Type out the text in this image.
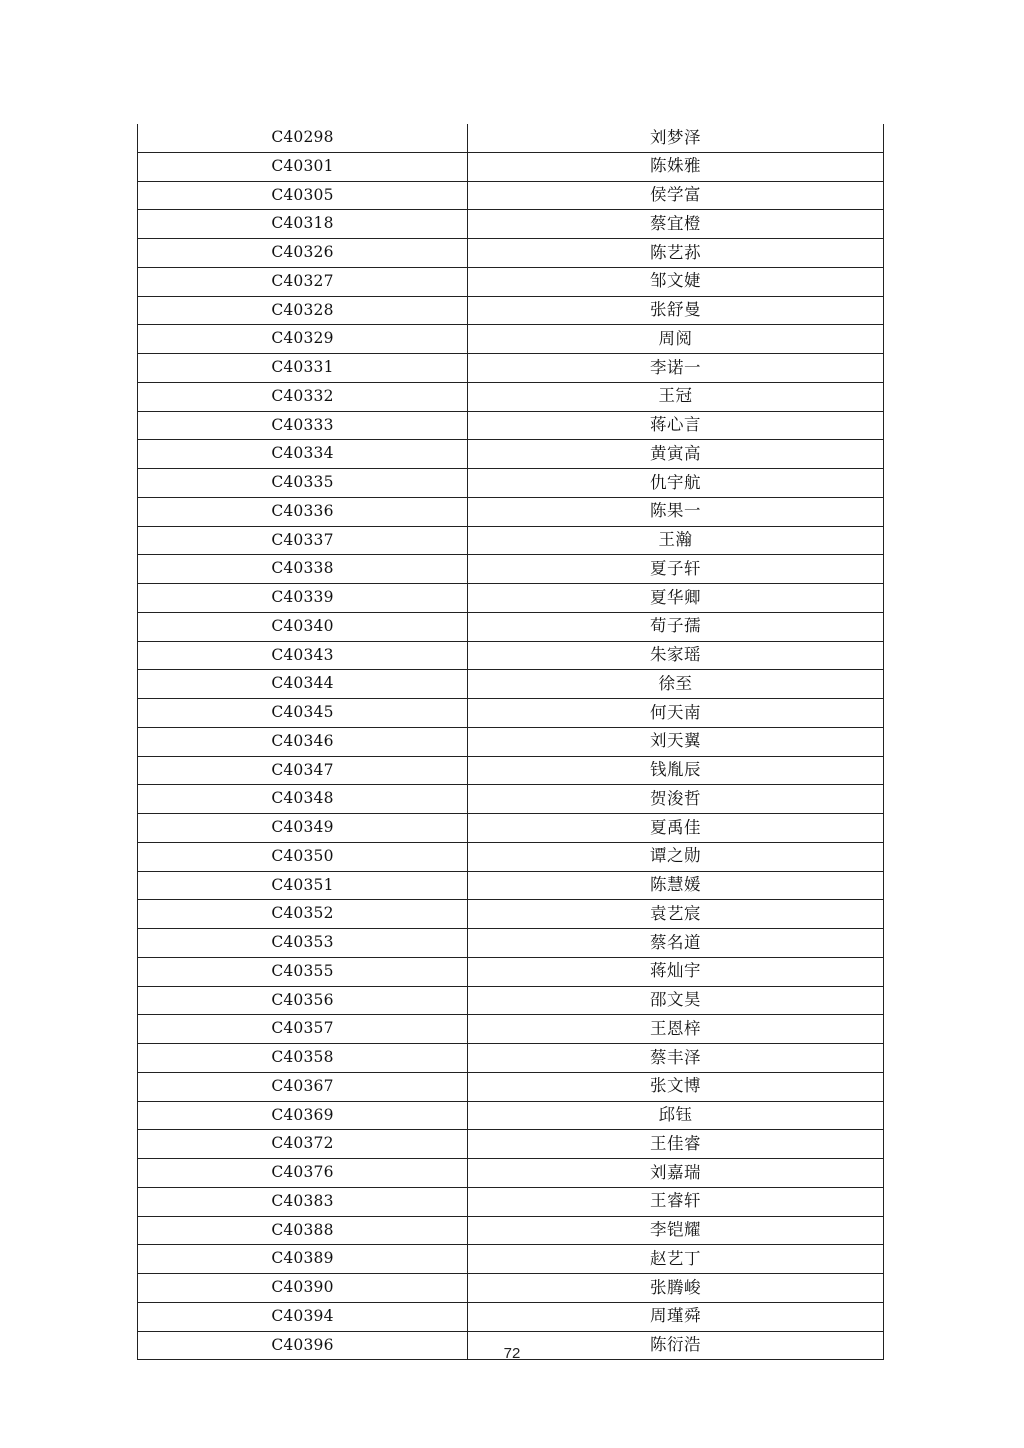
C40298	刘梦泽
C40301	陈姝雅
C40305	侯学富
C40318	蔡宜橙
C40326	陈艺荪
C40327	邹文婕
C40328	张舒曼
C40329	周阅
C40331	李诺一
C40332	王冠
C40333	蒋心言
C40334	黄寅高
C40335	仇宇航
C40336	陈果一
C40337	王瀚
C40338	夏子轩
C40339	夏华卿
C40340	荀子孺
C40343	朱家瑶
C40344	徐至
C40345	何天南
C40346	刘天翼
C40347	钱胤辰
C40348	贺浚哲
C40349	夏禹佳
C40350	谭之勋
C40351	陈慧媛
C40352	袁艺宸
C40353	蔡名道
C40355	蒋灿宇
C40356	邵文昊
C40357	王恩梓
C40358	蔡丰泽
C40367	张文博
C40369	邱钰
C40372	王佳睿
C40376	刘嘉瑞
C40383	王睿轩
C40388	李铠耀
C40389	赵艺丁
C40390	张腾峻
C40394	周瑾舜
C40396	陈衍浩
72
